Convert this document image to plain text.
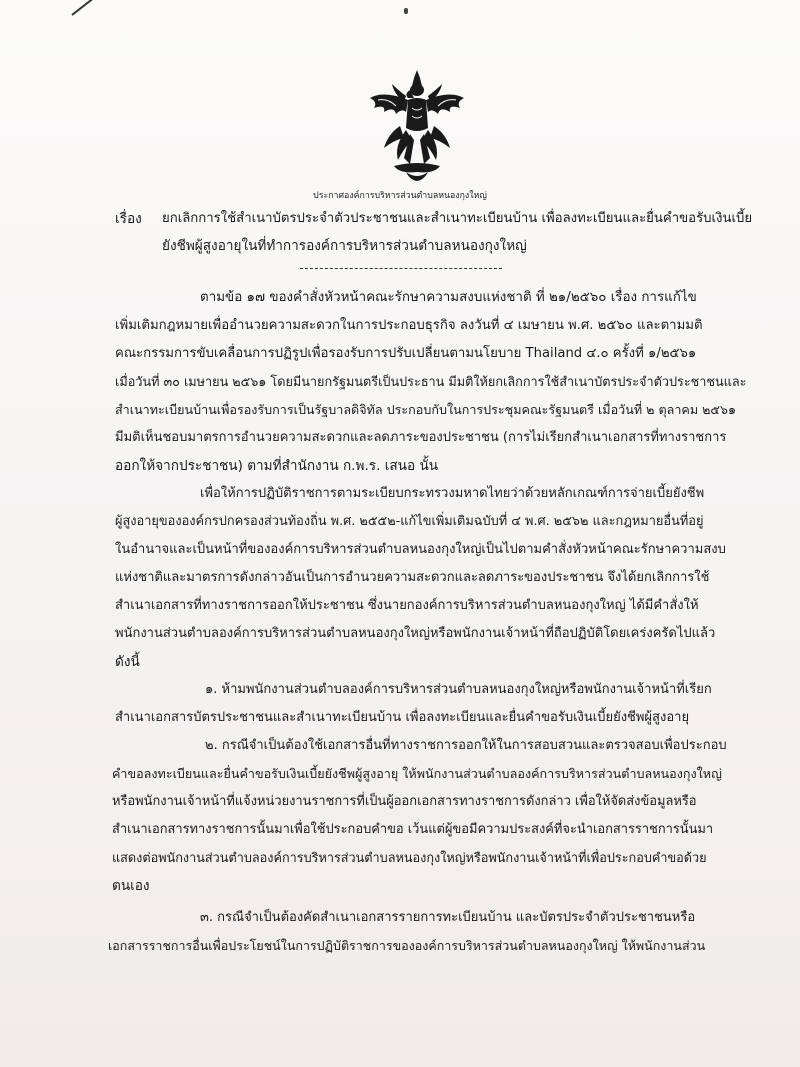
ประกาศองค์การบริหารส่วนตำบลหนองกุงใหญ่
เรื่อง ยกเลิกการใช้สำเนาบัตรประจำตัวประชาชนและสำเนาทะเบียนบ้าน เพื่อลงทะเบียนและยื่นคำขอรับเงินเบี้ย
ยังชีพผู้สูงอายุในที่ทำการองค์การบริหารส่วนตำบลหนองกุงใหญ่
ตามข้อ ๑๗ ของคำสั่งหัวหน้าคณะรักษาความสงบแห่งชาติ ที่ ๒๑/๒๕๖๐ เรื่อง การแก้ไข
เพิ่มเติมกฎหมายเพื่ออำนวยความสะดวกในการประกอบธุรกิจ ลงวันที่ ๔ เมษายน พ.ศ. ๒๕๖๐ และตามมติ
คณะกรรมการขับเคลื่อนการปฏิรูปเพื่อรองรับการปรับเปลี่ยนตามนโยบาย Thailand ๔.๐ ครั้งที่ ๑/๒๕๖๑
เมื่อวันที่ ๓๐ เมษายน ๒๕๖๑ โดยมีนายกรัฐมนตรีเป็นประธาน มีมติให้ยกเลิกการใช้สำเนาบัตรประจำตัวประชาชนและ
สำเนาทะเบียนบ้านเพื่อรองรับการเป็นรัฐบาลดิจิทัล ประกอบกับในการประชุมคณะรัฐมนตรี เมื่อวันที่ ๒ ตุลาคม ๒๕๖๑
มีมติเห็นชอบมาตรการอำนวยความสะดวกและลดภาระของประชาชน (การไม่เรียกสำเนาเอกสารที่ทางราชการ
ออกให้จากประชาชน) ตามที่สำนักงาน ก.พ.ร. เสนอ นั้น
เพื่อให้การปฏิบัติราชการตามระเบียบกระทรวงมหาดไทยว่าด้วยหลักเกณฑ์การจ่ายเบี้ยยังชีพ
ผู้สูงอายุขององค์กรปกครองส่วนท้องถิ่น พ.ศ. ๒๕๕๒-แก้ไขเพิ่มเติมฉบับที่ ๔ พ.ศ. ๒๕๖๒ และกฎหมายอื่นที่อยู่
ในอำนาจและเป็นหน้าที่ขององค์การบริหารส่วนตำบลหนองกุงใหญ่เป็นไปตามคำสั่งหัวหน้าคณะรักษาความสงบ
แห่งชาติและมาตรการดังกล่าวอันเป็นการอำนวยความสะดวกและลดภาระของประชาชน จึงได้ยกเลิกการใช้
สำเนาเอกสารที่ทางราชการออกให้ประชาชน ซึ่งนายกองค์การบริหารส่วนตำบลหนองกุงใหญ่ ได้มีคำสั่งให้
พนักงานส่วนตำบลองค์การบริหารส่วนตำบลหนองกุงใหญ่หรือพนักงานเจ้าหน้าที่ถือปฏิบัติโดยเคร่งครัดไปแล้ว
ดังนี้
๑. ห้ามพนักงานส่วนตำบลองค์การบริหารส่วนตำบลหนองกุงใหญ่หรือพนักงานเจ้าหน้าที่เรียก
สำเนาเอกสารบัตรประชาชนและสำเนาทะเบียนบ้าน เพื่อลงทะเบียนและยื่นคำขอรับเงินเบี้ยยังชีพผู้สูงอายุ
๒. กรณีจำเป็นต้องใช้เอกสารอื่นที่ทางราชการออกให้ในการสอบสวนและตรวจสอบเพื่อประกอบ
คำขอลงทะเบียนและยื่นคำขอรับเงินเบี้ยยังชีพผู้สูงอายุ ให้พนักงานส่วนตำบลองค์การบริหารส่วนตำบลหนองกุงใหญ่
หรือพนักงานเจ้าหน้าที่แจ้งหน่วยงานราชการที่เป็นผู้ออกเอกสารทางราชการดังกล่าว เพื่อให้จัดส่งข้อมูลหรือ
สำเนาเอกสารทางราชการนั้นมาเพื่อใช้ประกอบคำขอ เว้นแต่ผู้ขอมีความประสงค์ที่จะนำเอกสารราชการนั้นมา
แสดงต่อพนักงานส่วนตำบลองค์การบริหารส่วนตำบลหนองกุงใหญ่หรือพนักงานเจ้าหน้าที่เพื่อประกอบคำขอด้วย
ตนเอง
๓. กรณีจำเป็นต้องคัดสำเนาเอกสารรายการทะเบียนบ้าน และบัตรประจำตัวประชาชนหรือ
เอกสารราชการอื่นเพื่อประโยชน์ในการปฏิบัติราชการขององค์การบริหารส่วนตำบลหนองกุงใหญ่ ให้พนักงานส่วน
